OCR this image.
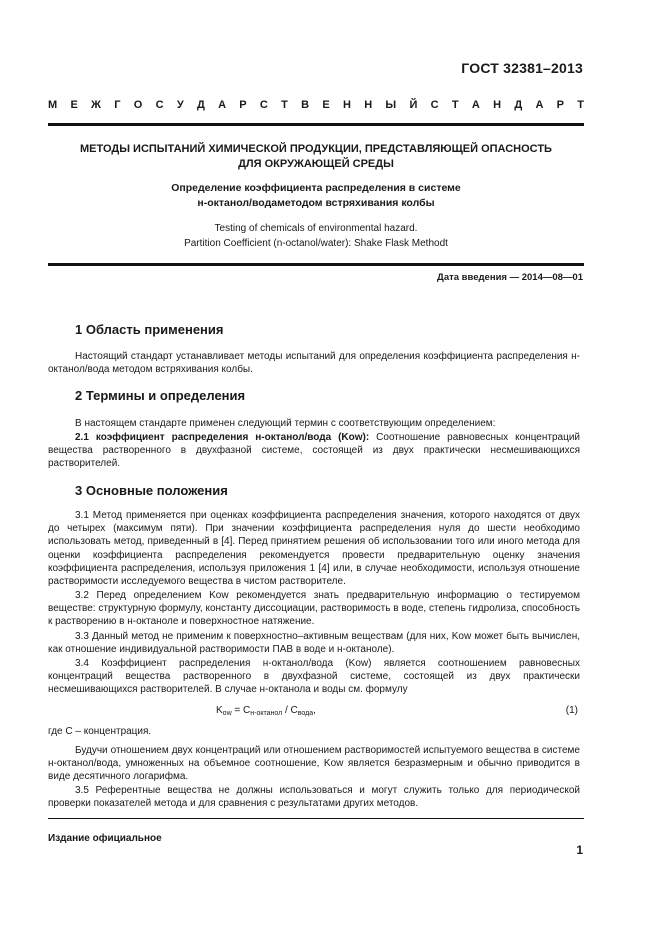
ГОСТ 32381–2013
М Е Ж Г О С У Д А Р С Т В Е Н Н Ы Й С Т А Н Д А Р Т
МЕТОДЫ ИСПЫТАНИЙ ХИМИЧЕСКОЙ ПРОДУКЦИИ, ПРЕДСТАВЛЯЮЩЕЙ ОПАСНОСТЬ
ДЛЯ ОКРУЖАЮЩЕЙ СРЕДЫ
Определение коэффициента распределения в системе
н-октанол/водаметодом встряхивания колбы
Testing of chemicals of environmental hazard.
Partition Coefficient (n-octanol/water): Shake Flask Methodt
Дата введения — 2014—08—01
1 Область применения
Настоящий стандарт устанавливает методы испытаний для определения коэффициента распределения н-октанол/вода методом встряхивания колбы.
2 Термины и определения
В настоящем стандарте применен следующий термин с соответствующим определением:
2.1 коэффициент распределения н-октанол/вода (Kow): Соотношение равновесных концентраций вещества растворенного в двухфазной системе, состоящей из двух практически несмешивающихся растворителей.
3 Основные положения
3.1 Метод применяется при оценках коэффициента распределения значения, которого находятся от двух до четырех (максимум пяти). При значении коэффициента распределения нуля до шести необходимо использовать метод, приведенный в [4]. Перед принятием решения об использовании того или иного метода для оценки коэффициента распределения рекомендуется провести предварительную оценку значения коэффициента распределения, используя приложения 1 [4] или, в случае необходимости, используя отношение растворимости исследуемого вещества в чистом растворителе.
3.2 Перед определением Kow рекомендуется знать предварительную информацию о тестируемом веществе: структурную формулу, константу диссоциации, растворимость в воде, степень гидролиза, способность к растворению в н-октаноле и поверхностное натяжение.
3.3 Данный метод не применим к поверхностно–активным веществам (для них, Kow может быть вычислен, как отношение индивидуальной растворимости ПАВ в воде и н-октаноле).
3.4 Коэффициент распределения н-октанол/вода (Kow) является соотношением равновесных концентраций вещества растворенного в двухфазной системе, состоящей из двух практически несмешивающихся растворителей. В случае н-октанола и воды см. формулу
$K_{ow} = C_{н-октанол} / C_{вода}$,	(1)
где C – концентрация.
Будучи отношением двух концентраций или отношением растворимостей испытуемого вещества в системе н-октанол/вода, умноженных на объемное соотношение, Kow является безразмерным и обычно приводится в виде десятичного логарифма.
3.5 Референтные вещества не должны использоваться и могут служить только для периодической проверки показателей метода и для сравнения с результатами других методов.
Издание официальное
1
